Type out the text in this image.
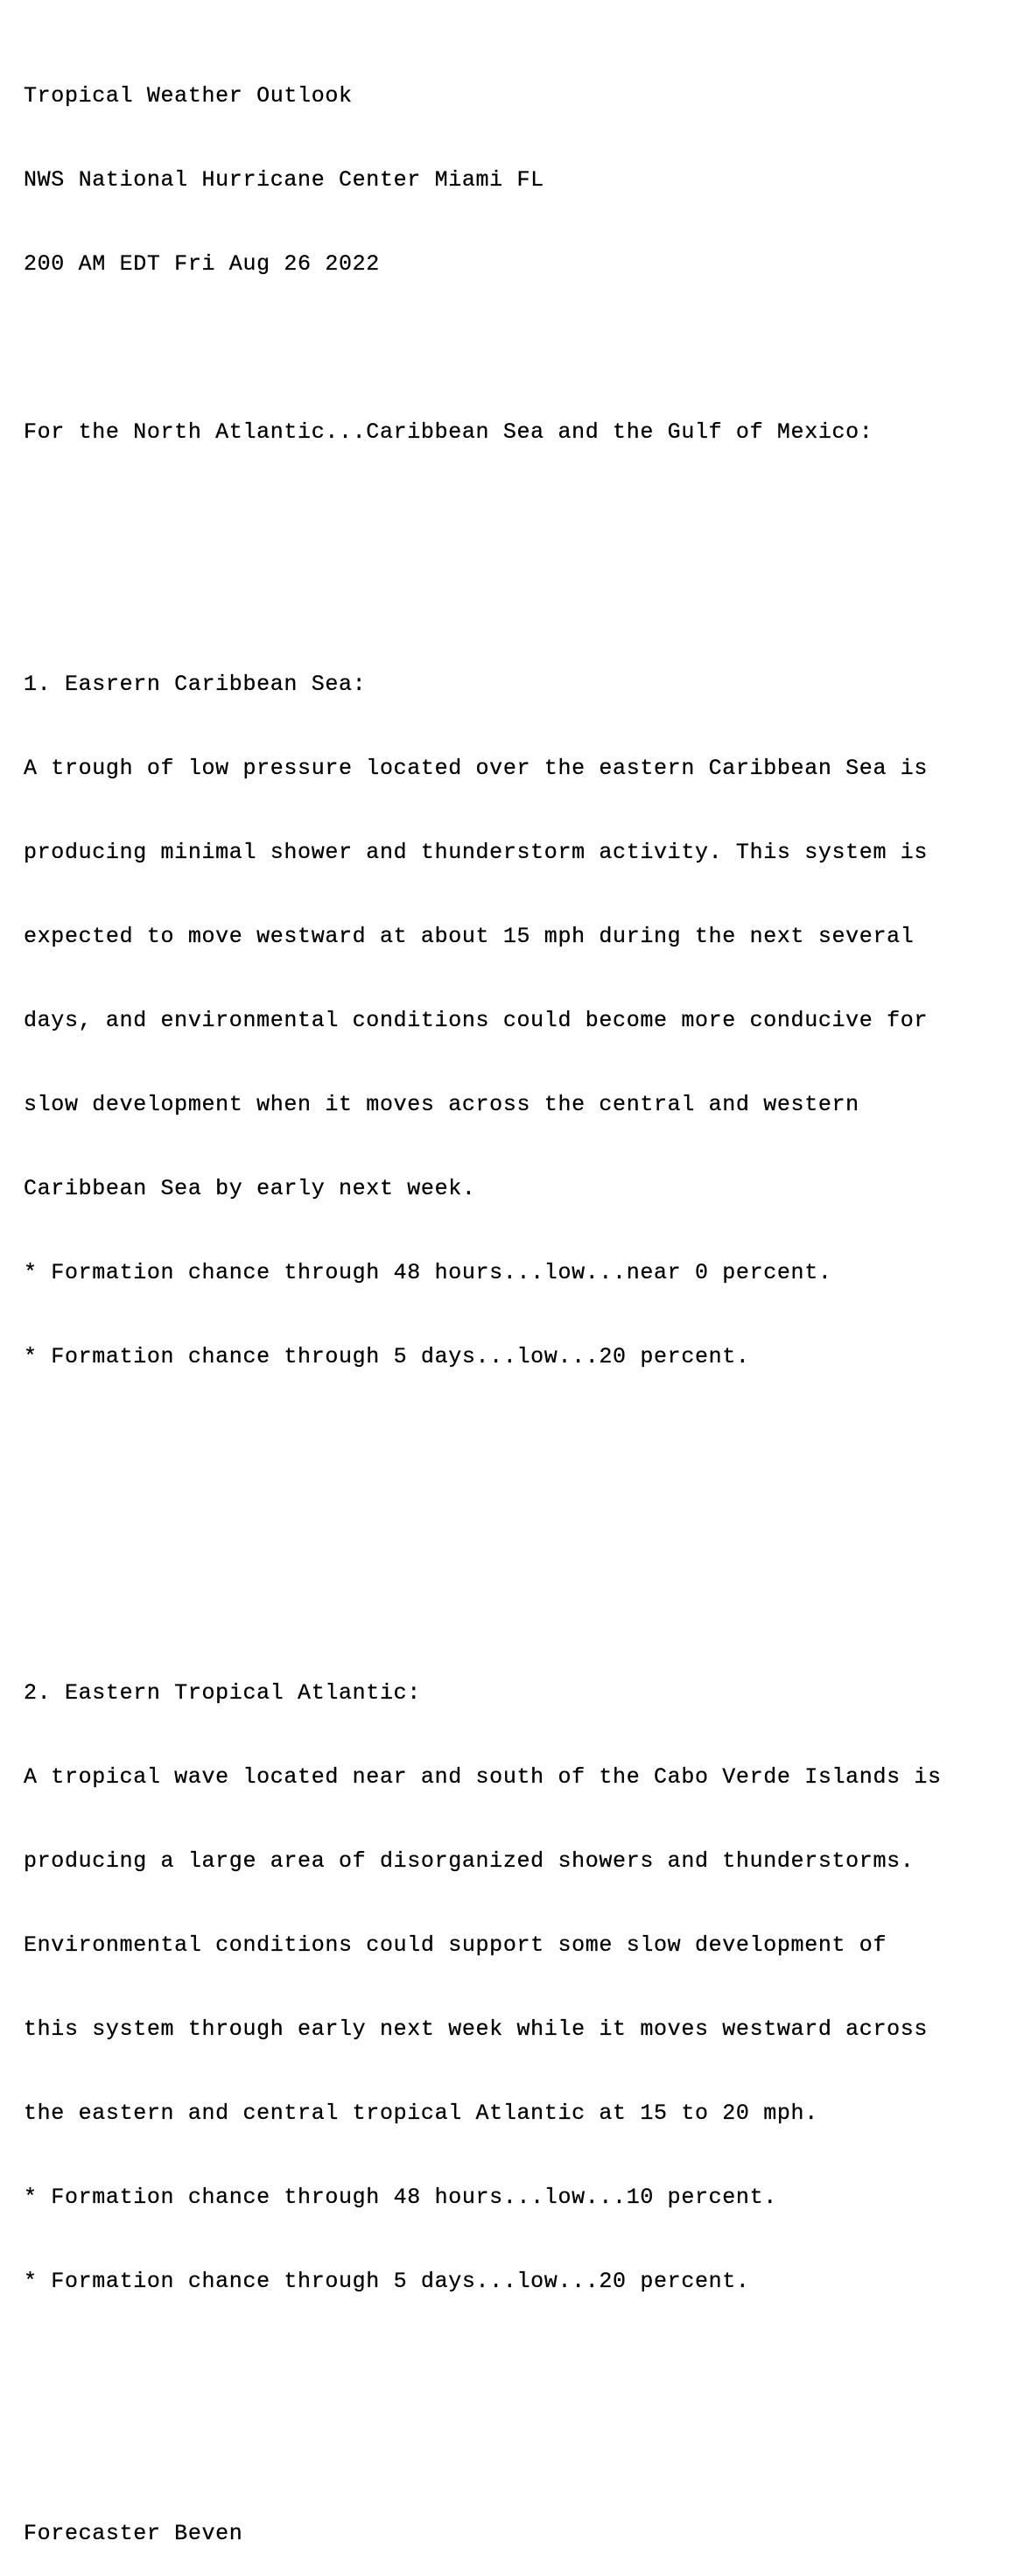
Tropical Weather Outlook

NWS National Hurricane Center Miami FL

200 AM EDT Fri Aug 26 2022

For the North Atlantic...Caribbean Sea and the Gulf of Mexico:

1. Easrern Caribbean Sea:

A trough of low pressure located over the eastern Caribbean Sea is

producing minimal shower and thunderstorm activity. This system is

expected to move westward at about 15 mph during the next several

days, and environmental conditions could become more conducive for

slow development when it moves across the central and western

Caribbean Sea by early next week.

* Formation chance through 48 hours...low...near 0 percent.

* Formation chance through 5 days...low...20 percent.

2. Eastern Tropical Atlantic:

A tropical wave located near and south of the Cabo Verde Islands is

producing a large area of disorganized showers and thunderstorms.

Environmental conditions could support some slow development of

this system through early next week while it moves westward across

the eastern and central tropical Atlantic at 15 to 20 mph.

* Formation chance through 48 hours...low...10 percent.

* Formation chance through 5 days...low...20 percent.

Forecaster Beven
